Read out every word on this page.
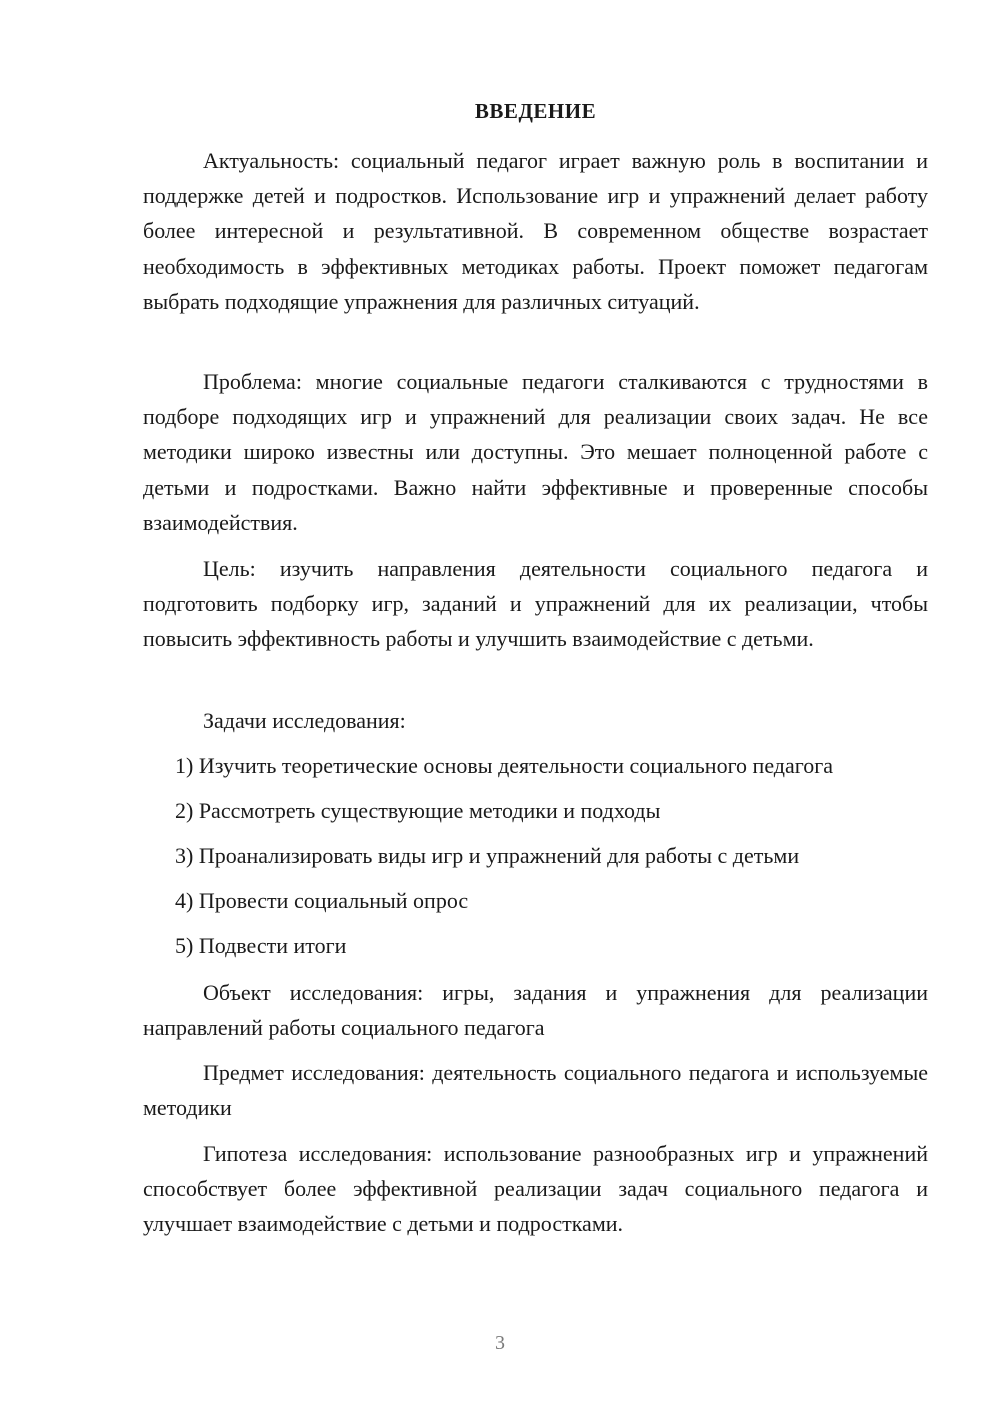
ВВЕДЕНИЕ

Актуальность: социальный педагог играет важную роль в воспитании и поддержке детей и подростков. Использование игр и упражнений делает работу более интересной и результативной. В современном обществе возрастает необходимость в эффективных методиках работы. Проект поможет педагогам выбрать подходящие упражнения для различных ситуаций.

Проблема: многие социальные педагоги сталкиваются с трудностями в подборе подходящих игр и упражнений для реализации своих задач. Не все методики широко известны или доступны. Это мешает полноценной работе с детьми и подростками. Важно найти эффективные и проверенные способы взаимодействия.

Цель: изучить направления деятельности социального педагога и подготовить подборку игр, заданий и упражнений для их реализации, чтобы повысить эффективность работы и улучшить взаимодействие с детьми.

Задачи исследования:

1) Изучить теоретические основы деятельности социального педагога

2) Рассмотреть существующие методики и подходы

3) Проанализировать виды игр и упражнений для работы с детьми

4) Провести социальный опрос

5) Подвести итоги

Объект исследования: игры, задания и упражнения для реализации направлений работы социального педагога

Предмет исследования: деятельность социального педагога и используемые методики

Гипотеза исследования: использование разнообразных игр и упражнений способствует более эффективной реализации задач социального педагога и улучшает взаимодействие с детьми и подростками.

3
